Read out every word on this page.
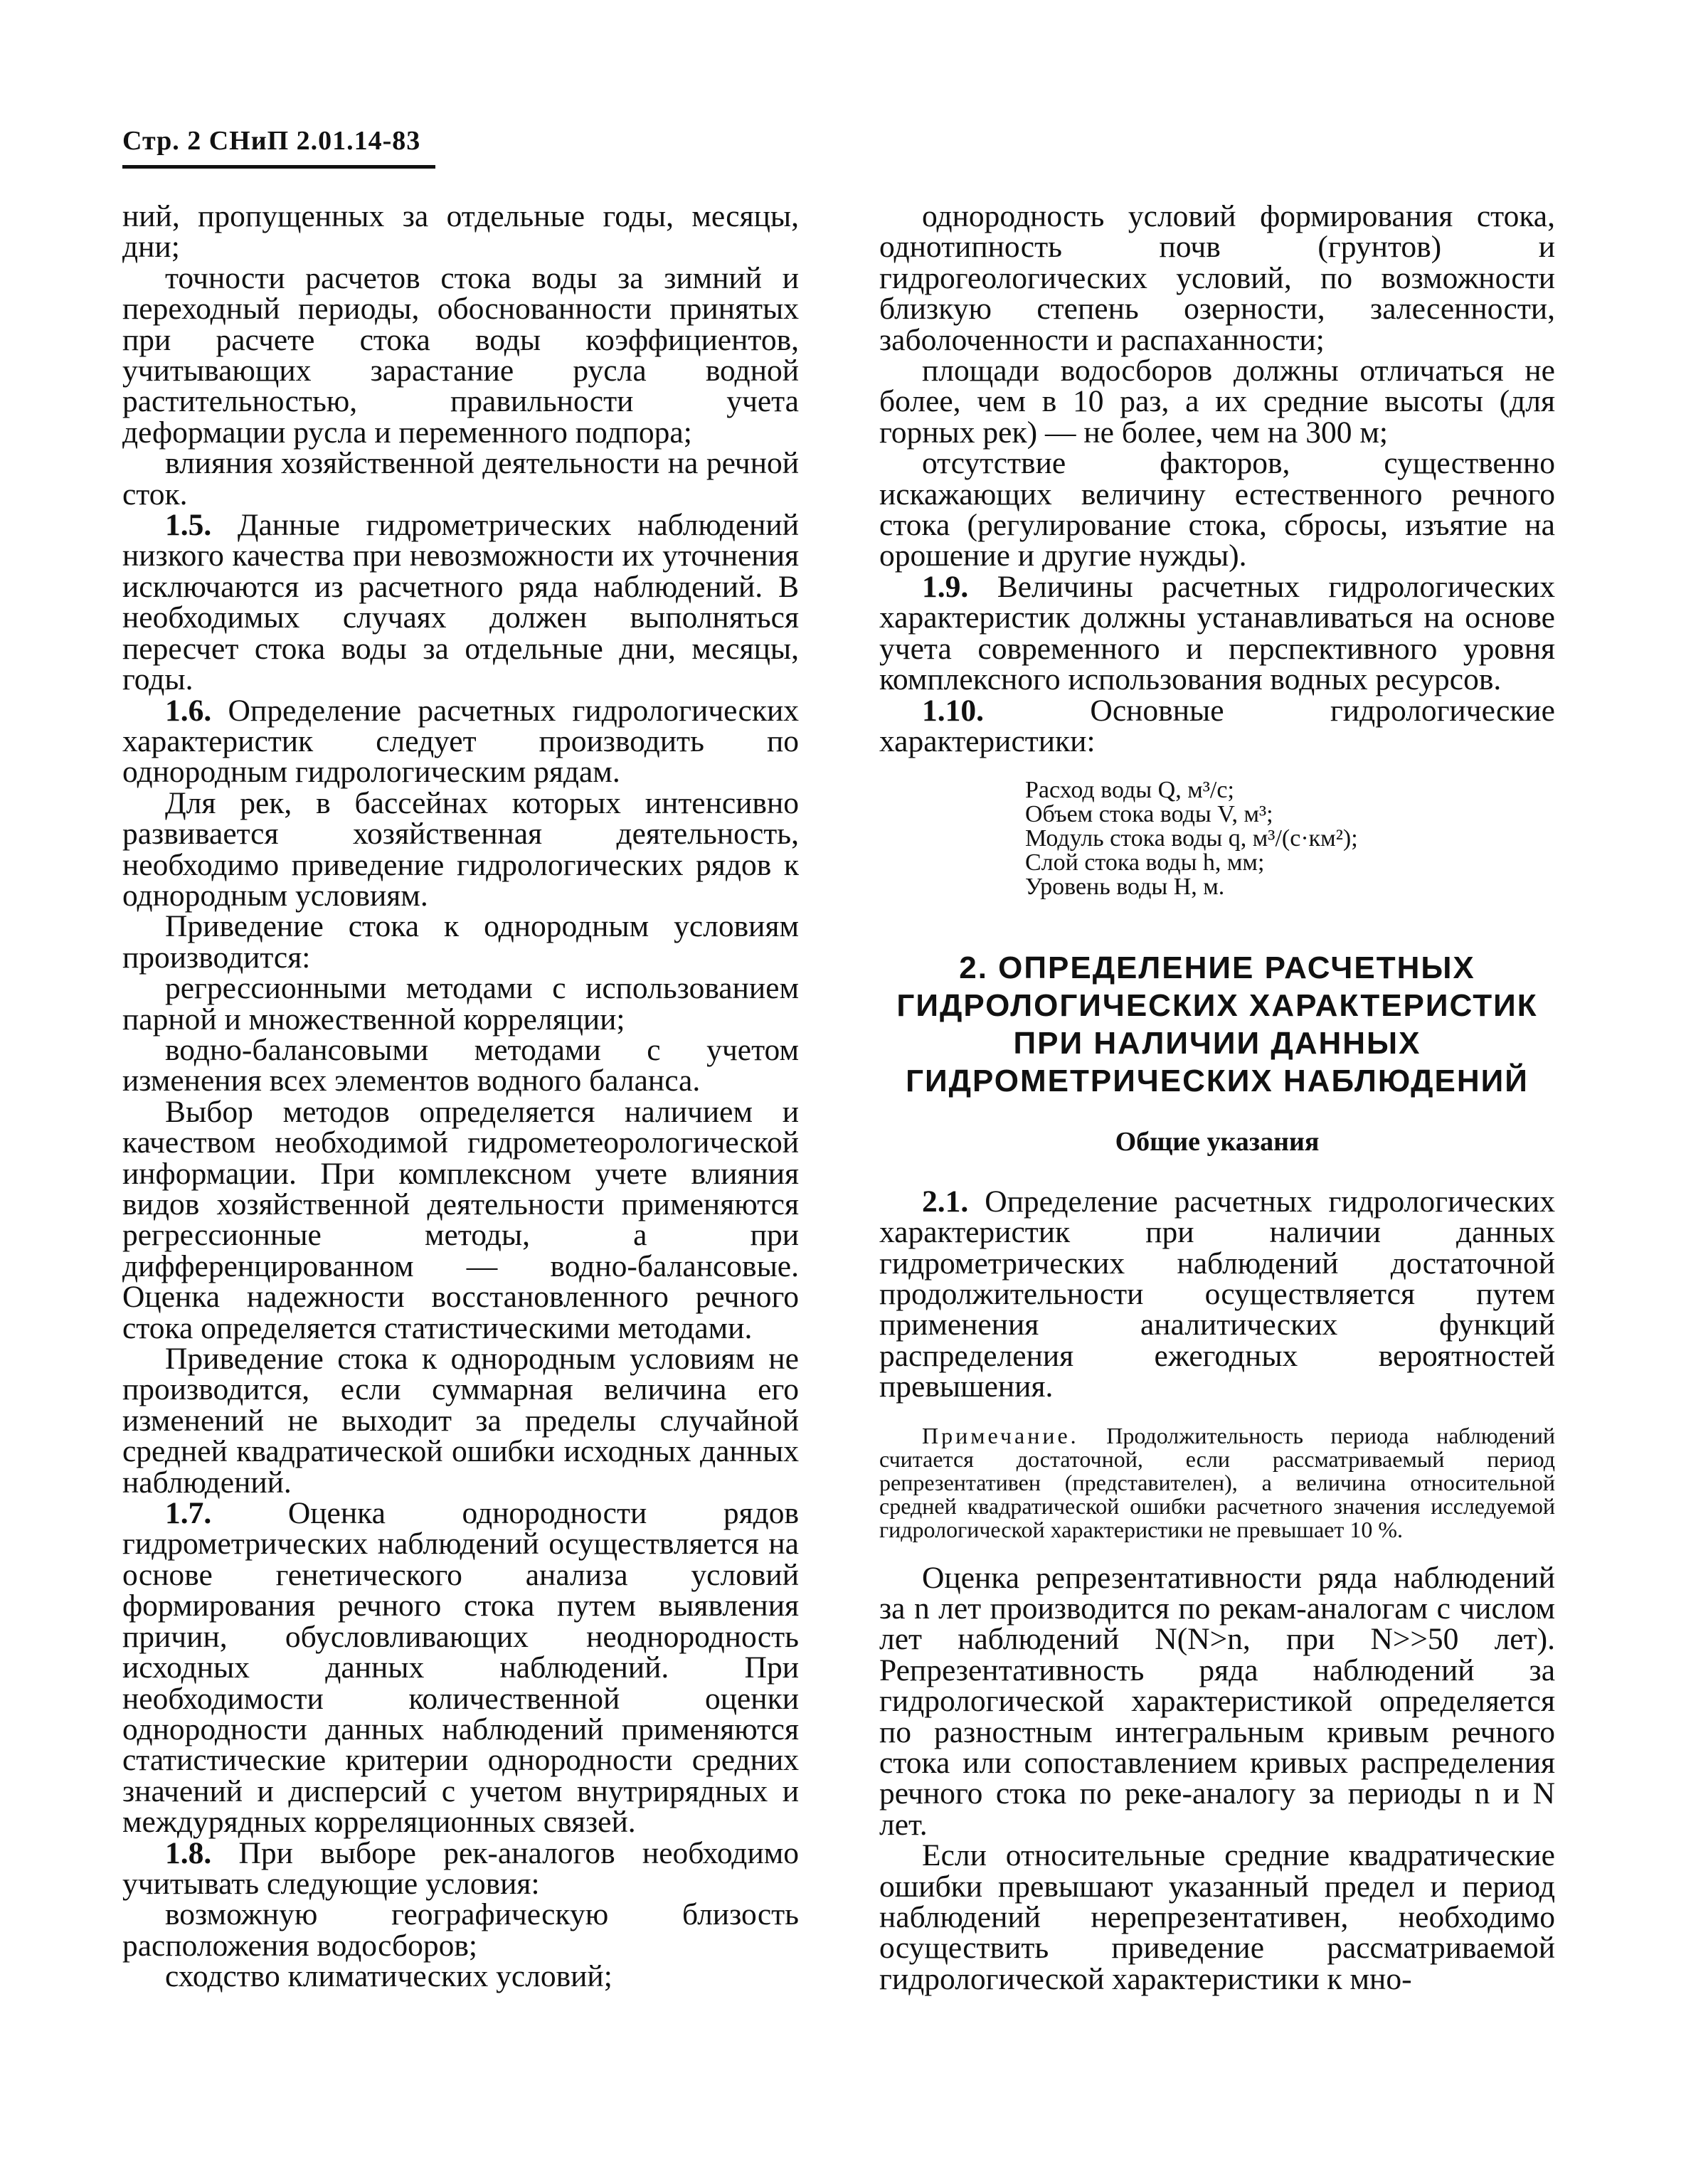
Стр. 2 СНиП 2.01.14-83

ний, пропущенных за отдельные годы, месяцы, дни;

точности расчетов стока воды за зимний и переходный периоды, обоснованности принятых при расчете стока воды коэффициентов, учитывающих зарастание русла водной растительностью, правильности учета деформации русла и переменного подпора;

влияния хозяйственной деятельности на речной сток.

1.5. Данные гидрометрических наблюдений низкого качества при невозможности их уточнения исключаются из расчетного ряда наблюдений. В необходимых случаях должен выполняться пересчет стока воды за отдельные дни, месяцы, годы.

1.6. Определение расчетных гидрологических характеристик следует производить по однородным гидрологическим рядам.

Для рек, в бассейнах которых интенсивно развивается хозяйственная деятельность, необходимо приведение гидрологических рядов к однородным условиям.

Приведение стока к однородным условиям производится:

регрессионными методами с использованием парной и множественной корреляции;

водно-балансовыми методами с учетом изменения всех элементов водного баланса.

Выбор методов определяется наличием и качеством необходимой гидрометеорологической информации. При комплексном учете влияния видов хозяйственной деятельности применяются регрессионные методы, а при дифференцированном — водно-балансовые. Оценка надежности восстановленного речного стока определяется статистическими методами.

Приведение стока к однородным условиям не производится, если суммарная величина его изменений не выходит за пределы случайной средней квадратической ошибки исходных данных наблюдений.

1.7. Оценка однородности рядов гидрометрических наблюдений осуществляется на основе генетического анализа условий формирования речного стока путем выявления причин, обусловливающих неоднородность исходных данных наблюдений. При необходимости количественной оценки однородности данных наблюдений применяются статистические критерии однородности средних значений и дисперсий с учетом внутрирядных и междурядных корреляционных связей.

1.8. При выборе рек-аналогов необходимо учитывать следующие условия:

возможную географическую близость расположения водосборов;

сходство климатических условий;

однородность условий формирования стока, однотипность почв (грунтов) и гидрогеологических условий, по возможности близкую степень озерности, залесенности, заболоченности и распаханности;

площади водосборов должны отличаться не более, чем в 10 раз, а их средние высоты (для горных рек) — не более, чем на 300 м;

отсутствие факторов, существенно искажающих величину естественного речного стока (регулирование стока, сбросы, изъятие на орошение и другие нужды).

1.9. Величины расчетных гидрологических характеристик должны устанавливаться на основе учета современного и перспективного уровня комплексного использования водных ресурсов.

1.10.	Основные гидрологические характеристики:

Расход воды Q, м³/с;
Объем стока воды V, м³;
Модуль стока воды q, м³/(с·км²);
Слой стока воды h, мм;
Уровень воды H, м.
2. ОПРЕДЕЛЕНИЕ РАСЧЕТНЫХ
ГИДРОЛОГИЧЕСКИХ ХАРАКТЕРИСТИК
ПРИ НАЛИЧИИ ДАННЫХ
ГИДРОМЕТРИЧЕСКИХ НАБЛЮДЕНИЙ
Общие указания

2.1. Определение расчетных гидрологических характеристик при наличии данных гидрометрических наблюдений достаточной продолжительности осуществляется путем применения аналитических функций распределения ежегодных вероятностей превышения.

Примечание. Продолжительность периода наблюдений считается достаточной, если рассматриваемый период репрезентативен (представителен), а величина относительной средней квадратической ошибки расчетного значения исследуемой гидрологической характеристики не превышает 10 %.

Оценка репрезентативности ряда наблюдений за n лет производится по рекам-аналогам с числом лет наблюдений N(N>n, при N>>50 лет). Репрезентативность ряда наблюдений за гидрологической характеристикой определяется по разностным интегральным кривым речного стока или сопоставлением кривых распределения речного стока по реке-аналогу за периоды n и N лет.

Если относительные средние квадратические ошибки превышают указанный предел и период наблюдений нерепрезентативен, необходимо осуществить приведение рассматриваемой гидрологической характеристики к мно-
